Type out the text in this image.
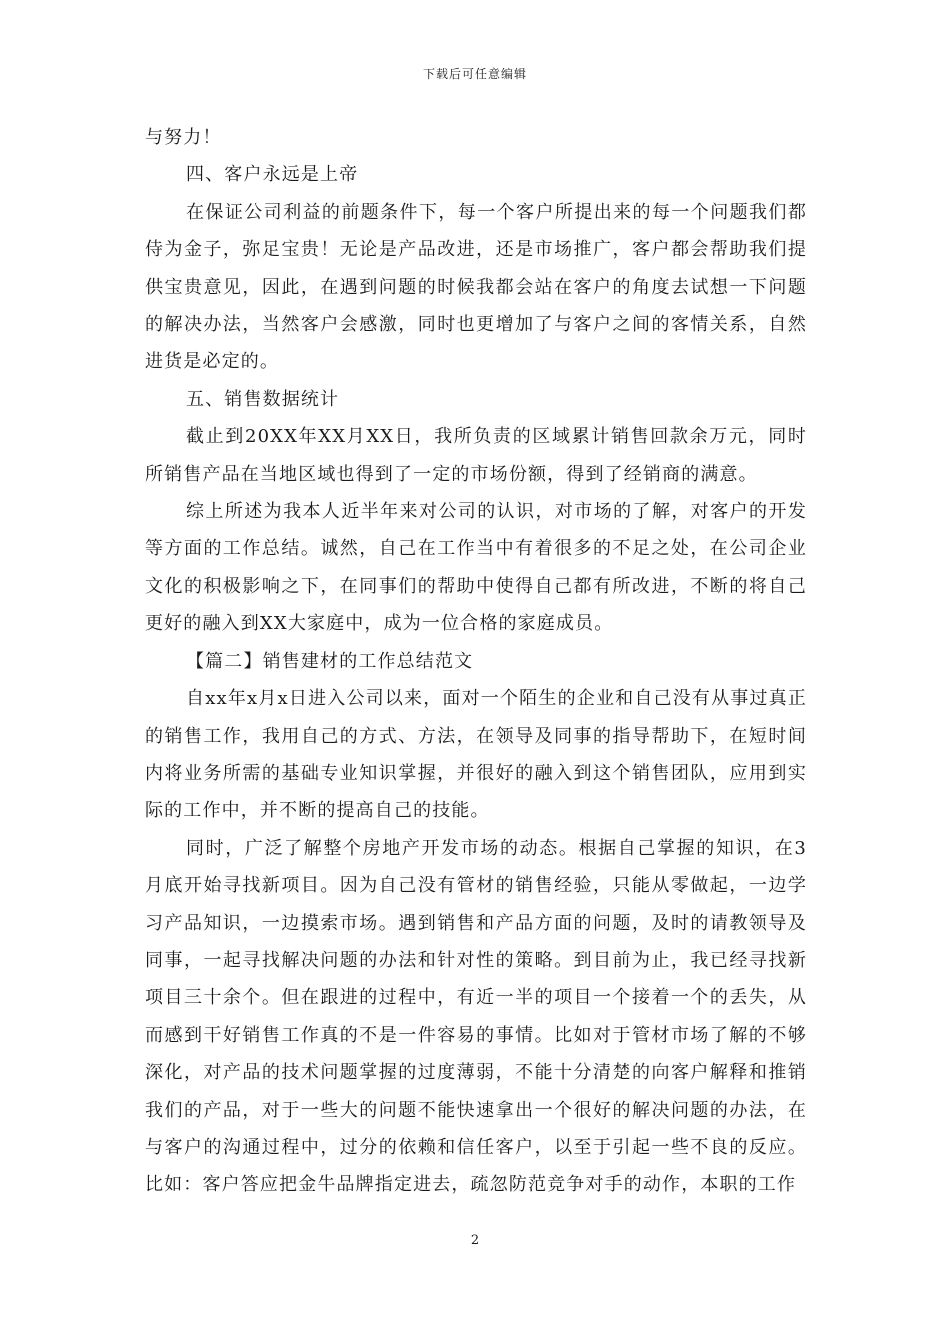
下载后可任意编辑

与努力！

四、客户永远是上帝

在保证公司利益的前题条件下，每一个客户所提出来的每一个问题我们都侍为金子，弥足宝贵！无论是产品改进，还是市场推广，客户都会帮助我们提供宝贵意见，因此，在遇到问题的时候我都会站在客户的角度去试想一下问题的解决办法，当然客户会感激，同时也更增加了与客户之间的客情关系，自然进货是必定的。

五、销售数据统计

截止到20XX年XX月XX日，我所负责的区域累计销售回款余万元，同时所销售产品在当地区域也得到了一定的市场份额，得到了经销商的满意。

综上所述为我本人近半年来对公司的认识，对市场的了解，对客户的开发等方面的工作总结。诚然，自己在工作当中有着很多的不足之处，在公司企业文化的积极影响之下，在同事们的帮助中使得自己都有所改进，不断的将自己更好的融入到XX大家庭中，成为一位合格的家庭成员。

【篇二】销售建材的工作总结范文

自xx年x月x日进入公司以来，面对一个陌生的企业和自己没有从事过真正的销售工作，我用自己的方式、方法，在领导及同事的指导帮助下，在短时间内将业务所需的基础专业知识掌握，并很好的融入到这个销售团队，应用到实际的工作中，并不断的提高自己的技能。

同时，广泛了解整个房地产开发市场的动态。根据自己掌握的知识，在3月底开始寻找新项目。因为自己没有管材的销售经验，只能从零做起，一边学习产品知识，一边摸索市场。遇到销售和产品方面的问题，及时的请教领导及同事，一起寻找解决问题的办法和针对性的策略。到目前为止，我已经寻找新项目三十余个。但在跟进的过程中，有近一半的项目一个接着一个的丢失，从而感到干好销售工作真的不是一件容易的事情。比如对于管材市场了解的不够深化，对产品的技术问题掌握的过度薄弱，不能十分清楚的向客户解释和推销我们的产品，对于一些大的问题不能快速拿出一个很好的解决问题的办法，在与客户的沟通过程中，过分的依赖和信任客户，以至于引起一些不良的反应。比如：客户答应把金牛品牌指定进去，疏忽防范竞争对手的动作，本职的工作

2
